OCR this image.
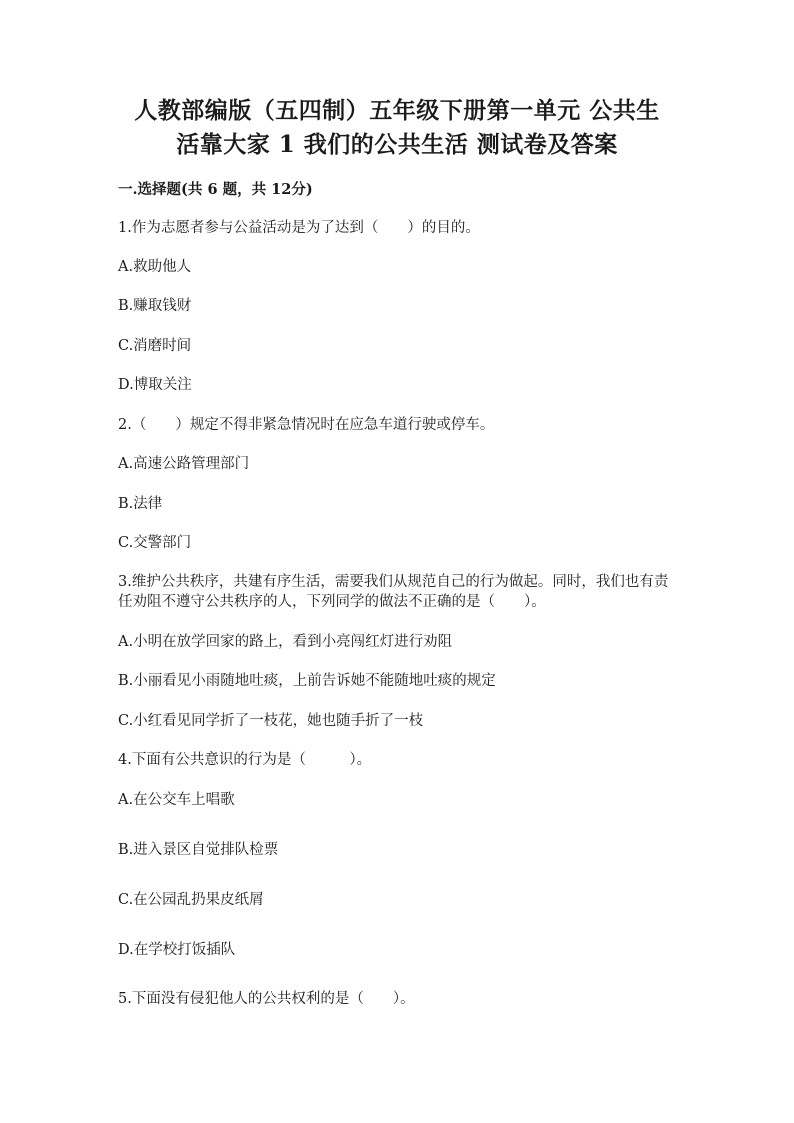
人教部编版（五四制）五年级下册第一单元 公共生
活靠大家 1 我们的公共生活 测试卷及答案
一.选择题(共 6 题，共 12分)
1.作为志愿者参与公益活动是为了达到（　　）的目的。
A.救助他人
B.赚取钱财
C.消磨时间
D.博取关注
2.（　　）规定不得非紧急情况时在应急车道行驶或停车。
A.高速公路管理部门
B.法律
C.交警部门
3.维护公共秩序，共建有序生活，需要我们从规范自己的行为做起。同时，我们也有责任劝阻不遵守公共秩序的人，下列同学的做法不正确的是（　　）。
A.小明在放学回家的路上，看到小亮闯红灯进行劝阻
B.小丽看见小雨随地吐痰，上前告诉她不能随地吐痰的规定
C.小红看见同学折了一枝花，她也随手折了一枝
4.下面有公共意识的行为是（　　　）。
A.在公交车上唱歌
B.进入景区自觉排队检票
C.在公园乱扔果皮纸屑
D.在学校打饭插队
5.下面没有侵犯他人的公共权利的是（　　）。
